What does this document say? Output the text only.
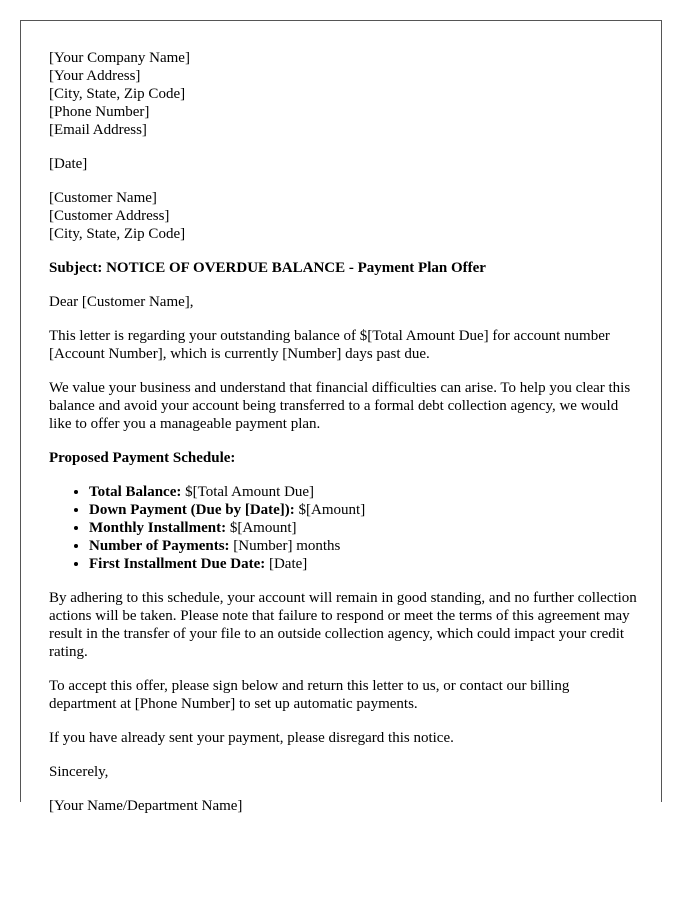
[Your Company Name]
[Your Address]
[City, State, Zip Code]
[Phone Number]
[Email Address]
[Date]
[Customer Name]
[Customer Address]
[City, State, Zip Code]

Subject: NOTICE OF OVERDUE BALANCE - Payment Plan Offer

Dear [Customer Name],

This letter is regarding your outstanding balance of $[Total Amount Due] for account number [Account Number], which is currently [Number] days past due.

We value your business and understand that financial difficulties can arise. To help you clear this balance and avoid your account being transferred to a formal debt collection agency, we would like to offer you a manageable payment plan.

Proposed Payment Schedule:

• Total Balance: $[Total Amount Due]
• Down Payment (Due by [Date]): $[Amount]
• Monthly Installment: $[Amount]
• Number of Payments: [Number] months
• First Installment Due Date: [Date]

By adhering to this schedule, your account will remain in good standing, and no further collection actions will be taken. Please note that failure to respond or meet the terms of this agreement may result in the transfer of your file to an outside collection agency, which could impact your credit rating.

To accept this offer, please sign below and return this letter to us, or contact our billing department at [Phone Number] to set up automatic payments.

If you have already sent your payment, please disregard this notice.

Sincerely,

[Your Name/Department Name]
